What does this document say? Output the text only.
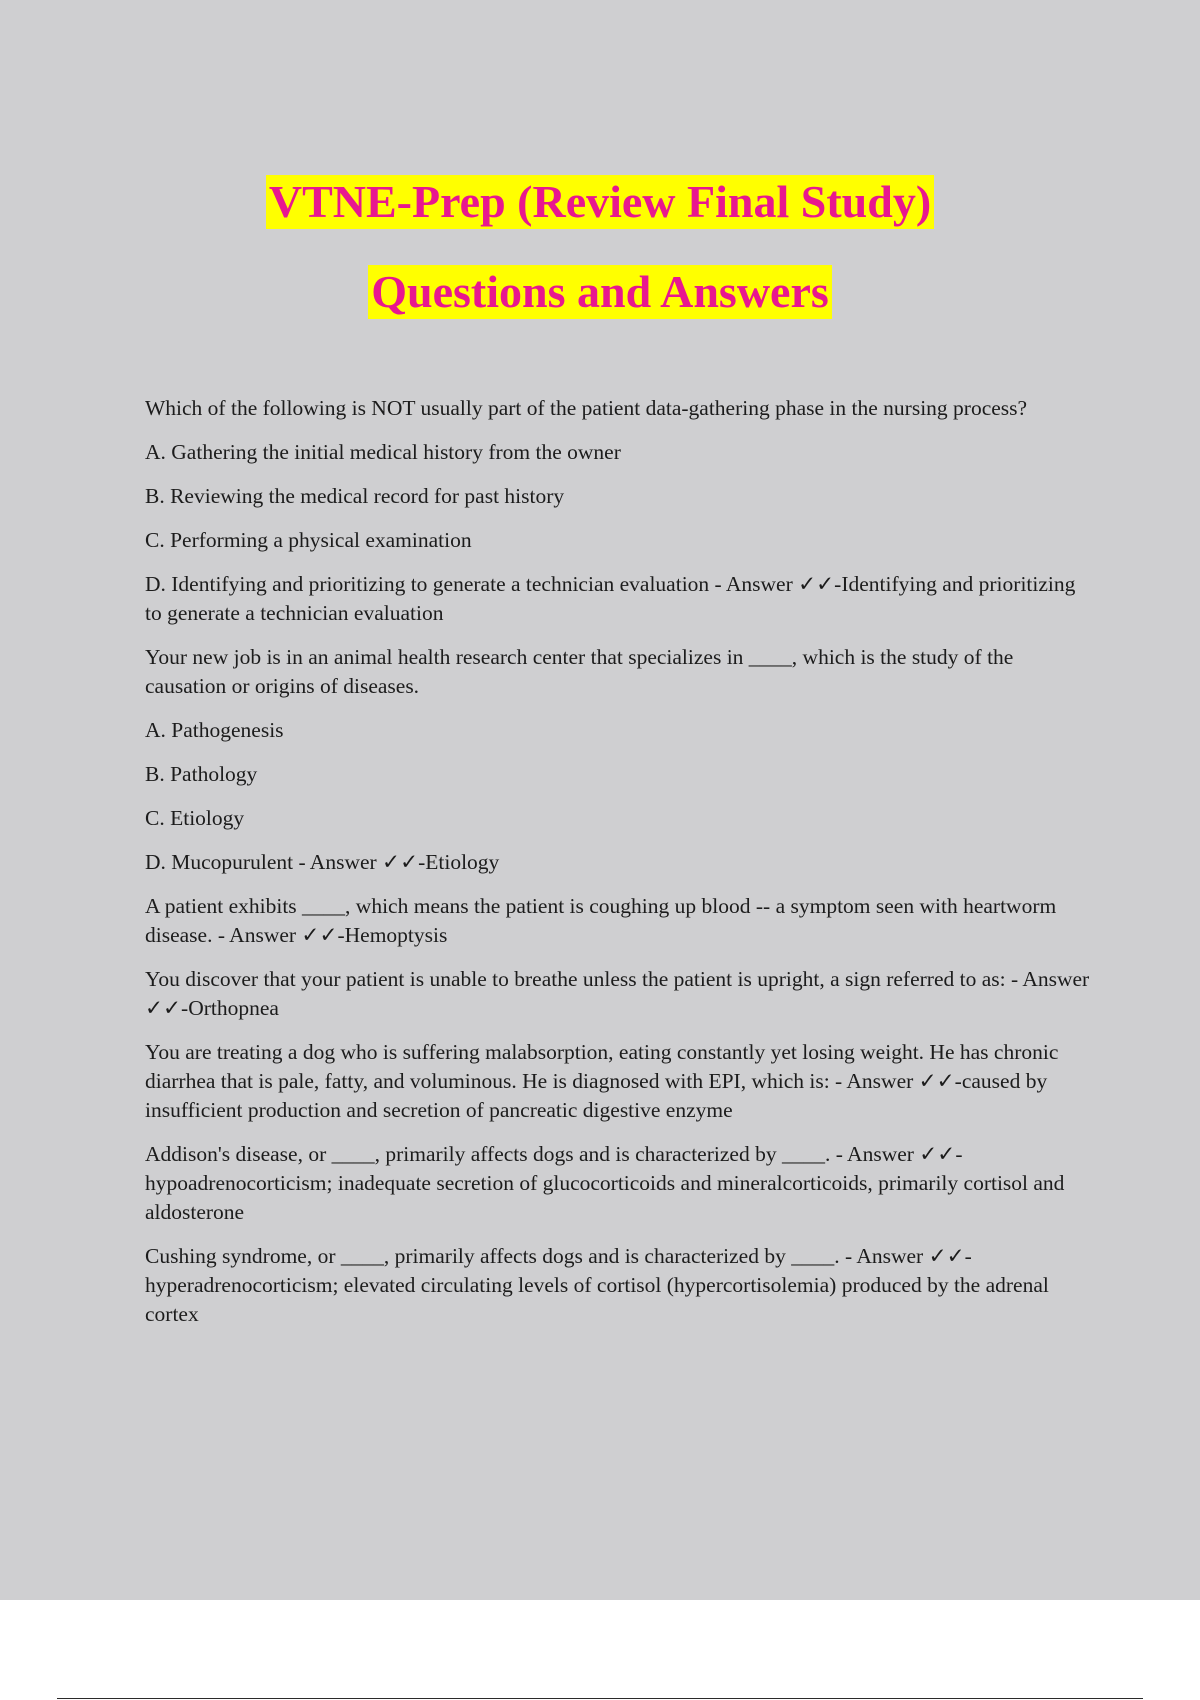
VTNE-Prep (Review Final Study)
Questions and Answers

Which of the following is NOT usually part of the patient data-gathering phase in the nursing process?

A. Gathering the initial medical history from the owner

B. Reviewing the medical record for past history

C. Performing a physical examination

D. Identifying and prioritizing to generate a technician evaluation - Answer ✓✓-Identifying and prioritizing to generate a technician evaluation

Your new job is in an animal health research center that specializes in ____, which is the study of the causation or origins of diseases.

A. Pathogenesis

B. Pathology

C. Etiology

D. Mucopurulent - Answer ✓✓-Etiology

A patient exhibits ____, which means the patient is coughing up blood -- a symptom seen with heartworm disease. - Answer ✓✓-Hemoptysis

You discover that your patient is unable to breathe unless the patient is upright, a sign referred to as: - Answer ✓✓-Orthopnea

You are treating a dog who is suffering malabsorption, eating constantly yet losing weight. He has chronic diarrhea that is pale, fatty, and voluminous. He is diagnosed with EPI, which is: - Answer ✓✓-caused by insufficient production and secretion of pancreatic digestive enzyme

Addison's disease, or ____, primarily affects dogs and is characterized by ____. - Answer ✓✓-hypoadrenocorticism; inadequate secretion of glucocorticoids and mineralcorticoids, primarily cortisol and aldosterone

Cushing syndrome, or ____, primarily affects dogs and is characterized by ____. - Answer ✓✓-hyperadrenocorticism; elevated circulating levels of cortisol (hypercortisolemia) produced by the adrenal cortex
